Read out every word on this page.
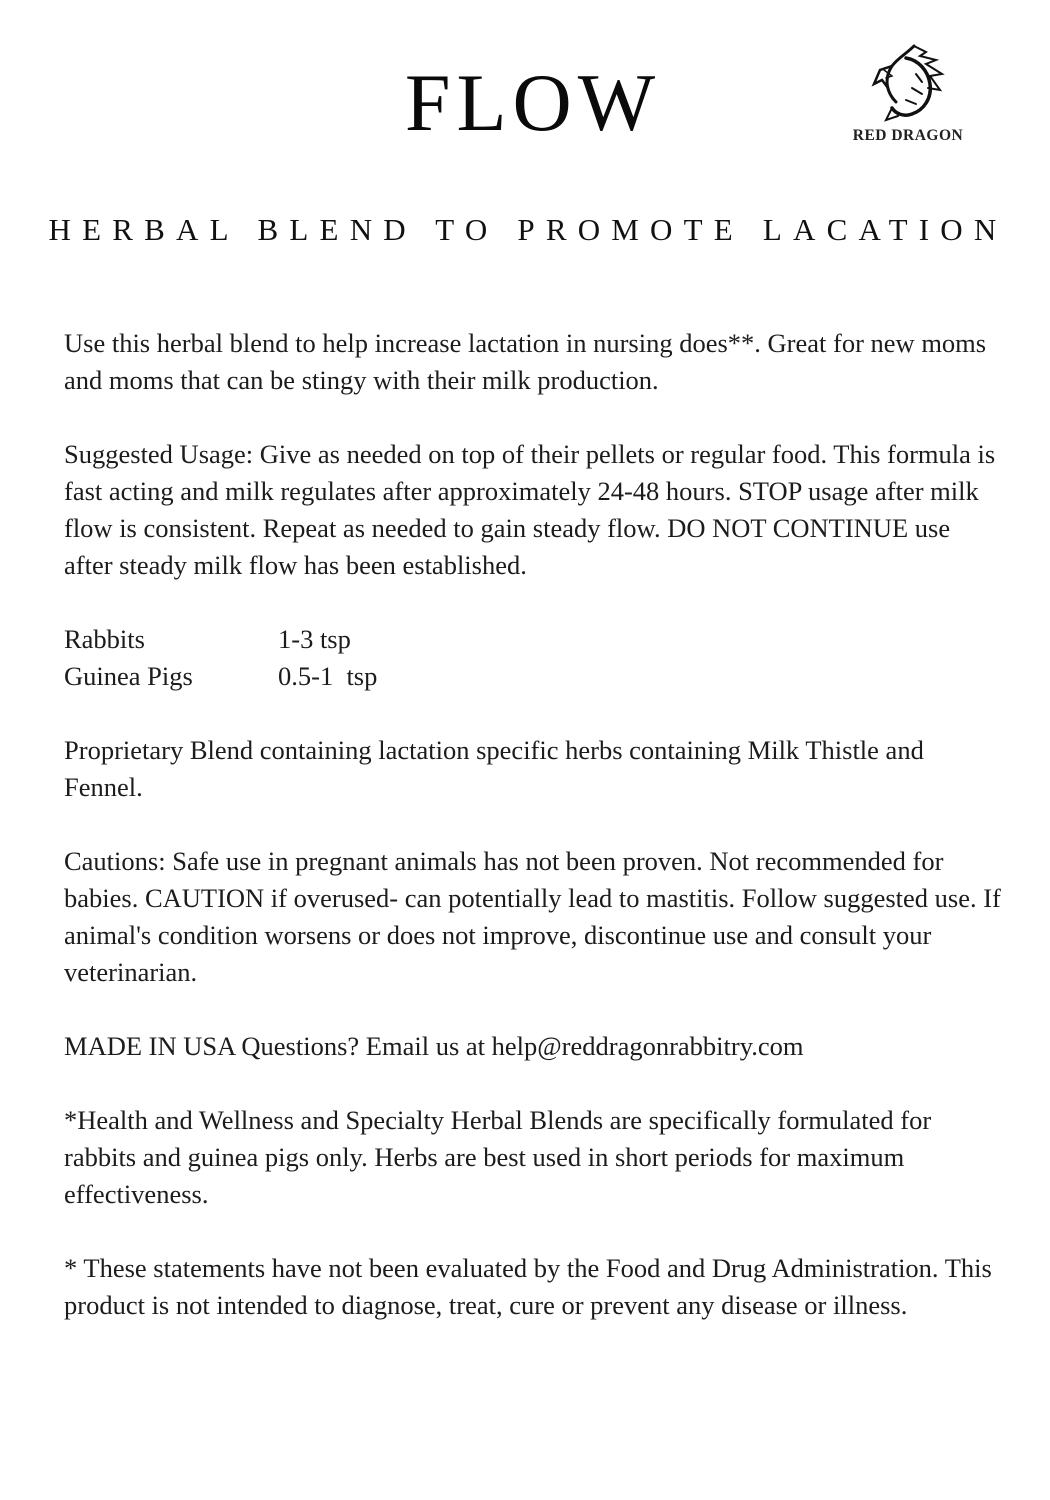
FLOW	RED DRAGON
HERBAL BLEND TO PROMOTE LACATION

Use this herbal blend to help increase lactation in nursing does**. Great for new moms and moms that can be stingy with their milk production.

Suggested Usage: Give as needed on top of their pellets or regular food. This formula is fast acting and milk regulates after approximately 24-48 hours. STOP usage after milk flow is consistent. Repeat as needed to gain steady flow. DO NOT CONTINUE use after steady milk flow has been established.

Rabbits	1-3 tsp
Guinea Pigs	0.5-1  tsp

Proprietary Blend containing lactation specific herbs containing Milk Thistle and Fennel.

Cautions: Safe use in pregnant animals has not been proven. Not recommended for babies. CAUTION if overused- can potentially lead to mastitis. Follow suggested use. If animal's condition worsens or does not improve, discontinue use and consult your veterinarian.

MADE IN USA Questions? Email us at help@reddragonrabbitry.com

*Health and Wellness and Specialty Herbal Blends are specifically formulated for rabbits and guinea pigs only. Herbs are best used in short periods for maximum effectiveness.

* These statements have not been evaluated by the Food and Drug Administration. This product is not intended to diagnose, treat, cure or prevent any disease or illness.
